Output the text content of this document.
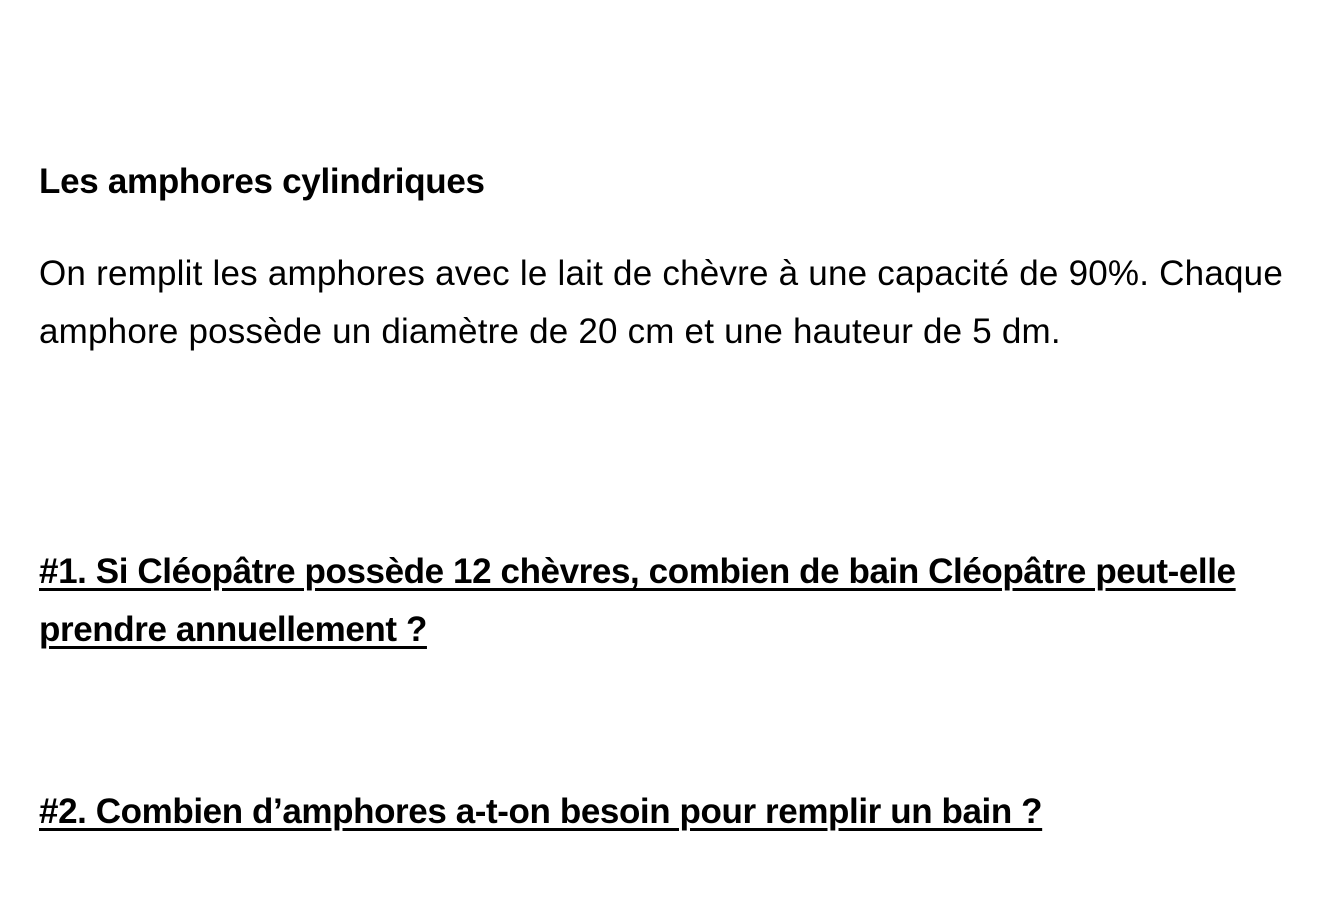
Les amphores cylindriques

On remplit les amphores avec le lait de chèvre à une capacité de 90%. Chaque amphore possède un diamètre de 20 cm et une hauteur de 5 dm.

#1. Si Cléopâtre possède 12 chèvres, combien de bain Cléopâtre peut-elle prendre annuellement ?

#2. Combien d’amphores a-t-on besoin pour remplir un bain ?
